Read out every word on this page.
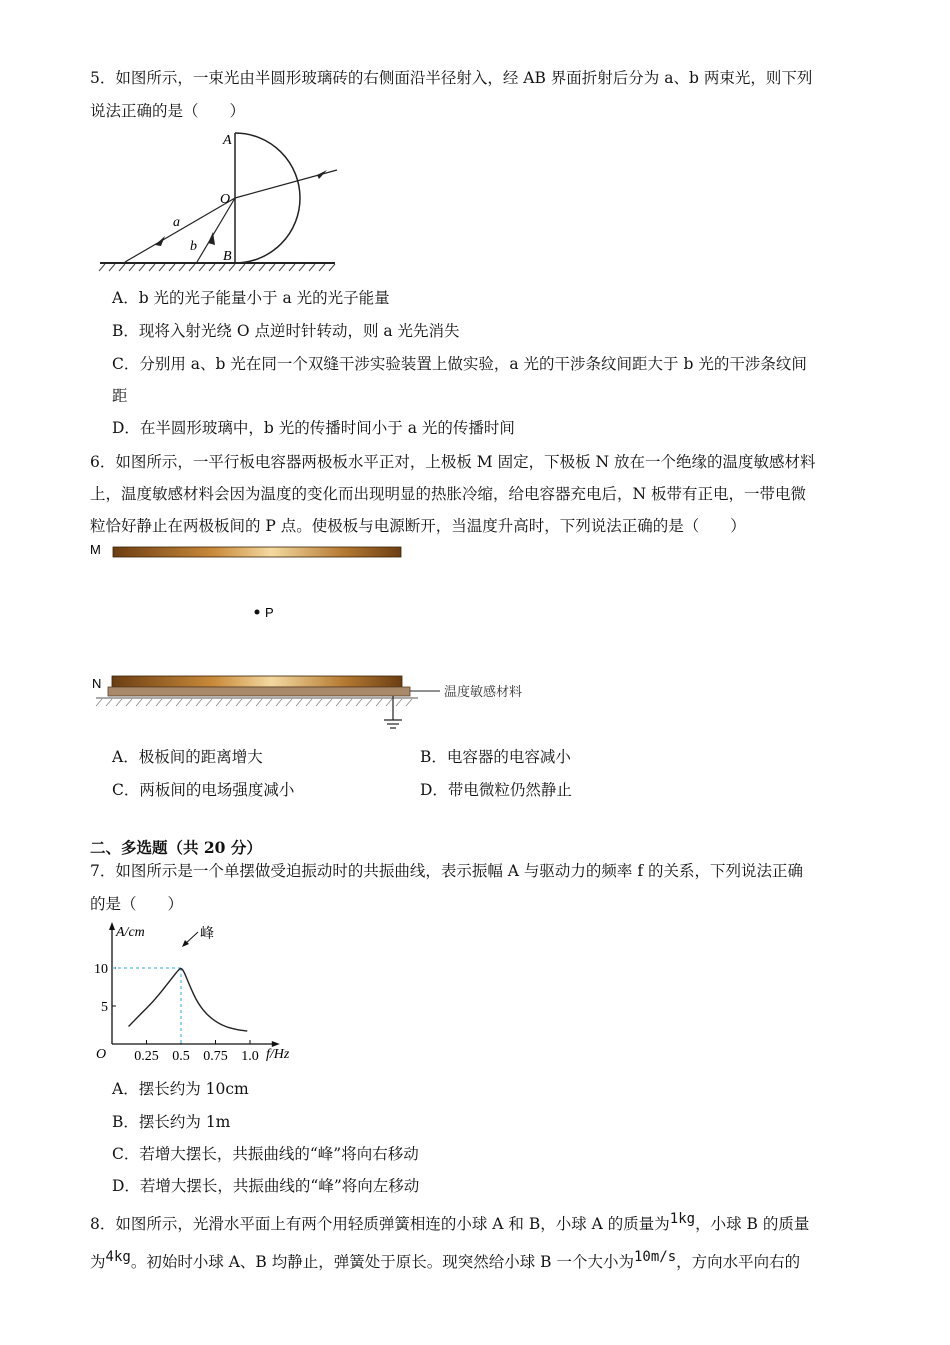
5．如图所示，一束光由半圆形玻璃砖的右侧面沿半径射入，经 AB 界面折射后分为 a、b 两束光，则下列
说法正确的是（　　）
A
O
B
a
b
A．b 光的光子能量小于 a 光的光子能量
B．现将入射光绕 O 点逆时针转动，则 a 光先消失
C．分别用 a、b 光在同一个双缝干涉实验装置上做实验，a 光的干涉条纹间距大于 b 光的干涉条纹间
距
D．在半圆形玻璃中，b 光的传播时间小于 a 光的传播时间
6．如图所示，一平行板电容器两极板水平正对，上极板 M 固定，下极板 N 放在一个绝缘的温度敏感材料
上，温度敏感材料会因为温度的变化而出现明显的热胀冷缩，给电容器充电后，N 板带有正电，一带电微
粒恰好静止在两极板间的 P 点。使极板与电源断开，当温度升高时，下列说法正确的是（　　）
M
P
N
温度敏感材料
A．极板间的距离增大	B．电容器的电容减小
C．两板间的电场强度减小	D．带电微粒仍然静止
二、多选题（共 20 分）
7．如图所示是一个单摆做受迫振动时的共振曲线，表示振幅 A 与驱动力的频率 f 的关系，下列说法正确
的是（　　）
A/cm
f/Hz
O
峰
0.25 0.5 0.75 1.0
5
10
A．摆长约为 10cm
B．摆长约为 1m
C．若增大摆长，共振曲线的“峰”将向右移动
D．若增大摆长，共振曲线的“峰”将向左移动
8．如图所示，光滑水平面上有两个用轻质弹簧相连的小球 A 和 B，小球 A 的质量为1kg，小球 B 的质量
为4kg。初始时小球 A、B 均静止，弹簧处于原长。现突然给小球 B 一个大小为10m/s，方向水平向右的
